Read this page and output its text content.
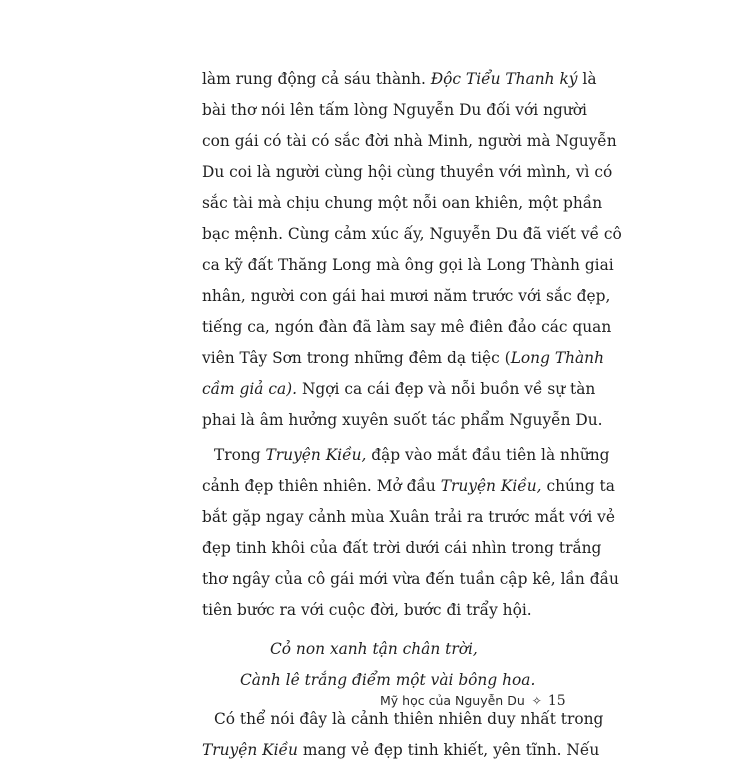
làm rung động cả sáu thành. Độc Tiểu Thanh ký là
bài thơ nói lên tấm lòng Nguyễn Du đối với người
con gái có tài có sắc đời nhà Minh, người mà Nguyễn
Du coi là người cùng hội cùng thuyền với mình, vì có
sắc tài mà chịu chung một nỗi oan khiên, một phần
bạc mệnh. Cùng cảm xúc ấy, Nguyễn Du đã viết về cô
ca kỹ đất Thăng Long mà ông gọi là Long Thành giai
nhân, người con gái hai mươi năm trước với sắc đẹp,
tiếng ca, ngón đàn đã làm say mê điên đảo các quan
viên Tây Sơn trong những đêm dạ tiệc (Long Thành
cầm giả ca). Ngợi ca cái đẹp và nỗi buồn về sự tàn
phai là âm hưởng xuyên suốt tác phẩm Nguyễn Du.
Trong Truyện Kiều, đập vào mắt đầu tiên là những
cảnh đẹp thiên nhiên. Mở đầu Truyện Kiều, chúng ta
bắt gặp ngay cảnh mùa Xuân trải ra trước mắt với vẻ
đẹp tinh khôi của đất trời dưới cái nhìn trong trắng
thơ ngây của cô gái mới vừa đến tuần cập kê, lần đầu
tiên bước ra với cuộc đời, bước đi trẩy hội.
Cỏ non xanh tận chân trời,
Cành lê trắng điểm một vài bông hoa.
Có thể nói đây là cảnh thiên nhiên duy nhất trong
Truyện Kiều mang vẻ đẹp tinh khiết, yên tĩnh. Nếu
Mỹ học của Nguyễn Du ✧ 15
